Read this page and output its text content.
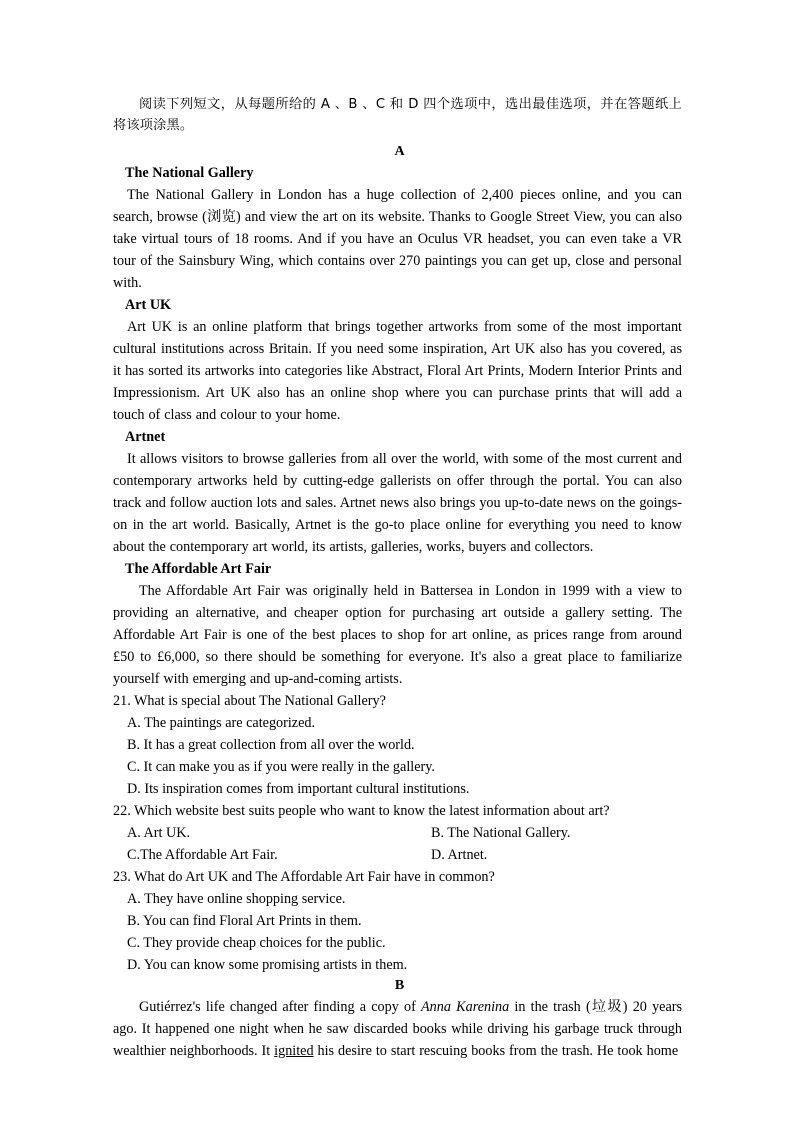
阅读下列短文，从每题所给的 A 、B 、C 和 D 四个选项中，选出最佳选项，并在答题纸上将该项涂黑。

A

The National Gallery

The National Gallery in London has a huge collection of 2,400 pieces online, and you can search, browse (浏览) and view the art on its website. Thanks to Google Street View, you can also take virtual tours of 18 rooms. And if you have an Oculus VR headset, you can even take a VR tour of the Sainsbury Wing, which contains over 270 paintings you can get up, close and personal with.

Art UK

Art UK is an online platform that brings together artworks from some of the most important cultural institutions across Britain. If you need some inspiration, Art UK also has you covered, as it has sorted its artworks into categories like Abstract, Floral Art Prints, Modern Interior Prints and Impressionism. Art UK also has an online shop where you can purchase prints that will add a touch of class and colour to your home.

Artnet

It allows visitors to browse galleries from all over the world, with some of the most current and contemporary artworks held by cutting-edge gallerists on offer through the portal. You can also track and follow auction lots and sales. Artnet news also brings you up-to-date news on the goings-on in the art world. Basically, Artnet is the go-to place online for everything you need to know about the contemporary art world, its artists, galleries, works, buyers and collectors.

The Affordable Art Fair

The Affordable Art Fair was originally held in Battersea in London in 1999 with a view to providing an alternative, and cheaper option for purchasing art outside a gallery setting. The Affordable Art Fair is one of the best places to shop for art online, as prices range from around £50 to £6,000, so there should be something for everyone. It's also a great place to familiarize yourself with emerging and up-and-coming artists.

21. What is special about The National Gallery?

A. The paintings are categorized.

B. It has a great collection from all over the world.

C. It can make you as if you were really in the gallery.

D. Its inspiration comes from important cultural institutions.

22. Which website best suits people who want to know the latest information about art?

A. Art UK.	B. The National Gallery.
C.The Affordable Art Fair.	D. Artnet.

23. What do Art UK and The Affordable Art Fair have in common?

A. They have online shopping service.

B. You can find Floral Art Prints in them.

C. They provide cheap choices for the public.

D. You can know some promising artists in them.

B

Gutiérrez's life changed after finding a copy of Anna Karenina in the trash (垃圾) 20 years ago. It happened one night when he saw discarded books while driving his garbage truck through wealthier neighborhoods. It ignited his desire to start rescuing books from the trash. He took home
